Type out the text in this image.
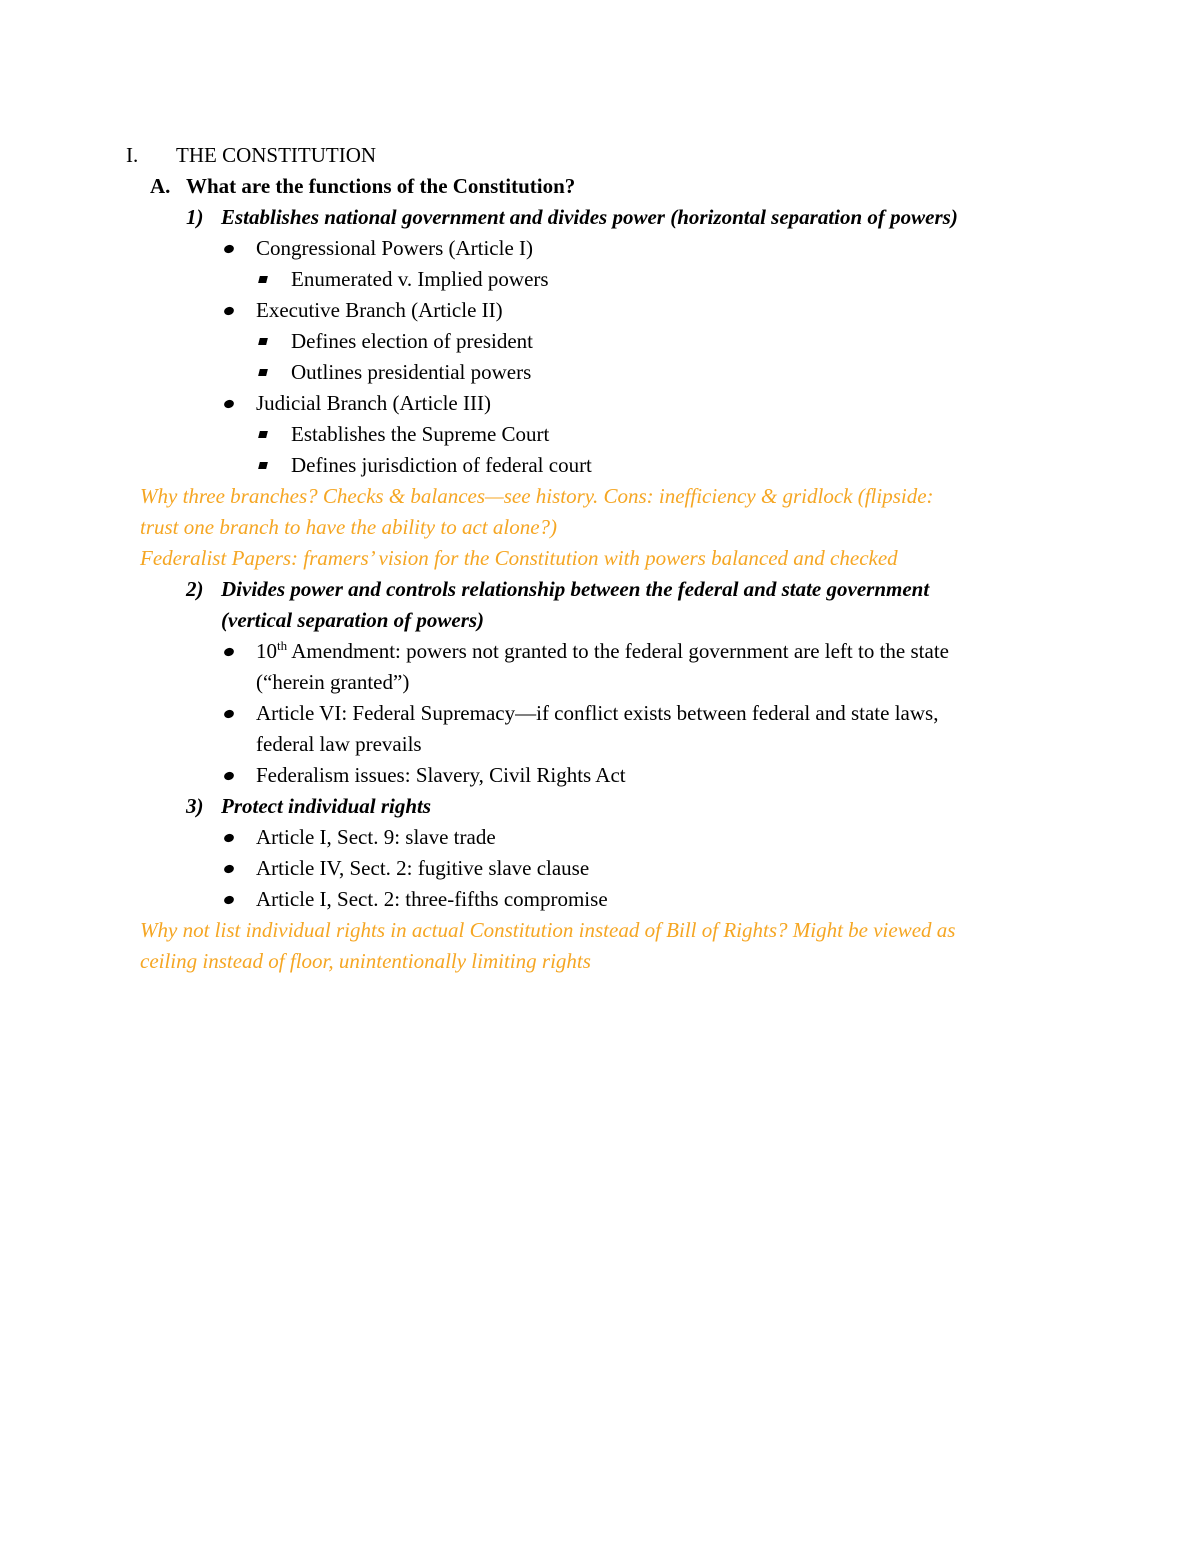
I. THE CONSTITUTION
A. What are the functions of the Constitution?
1) Establishes national government and divides power (horizontal separation of powers)
Congressional Powers (Article I)
Enumerated v. Implied powers
Executive Branch (Article II)
Defines election of president
Outlines presidential powers
Judicial Branch (Article III)
Establishes the Supreme Court
Defines jurisdiction of federal court
Why three branches? Checks & balances—see history. Cons: inefficiency & gridlock (flipside:
trust one branch to have the ability to act alone?)
Federalist Papers: framers’ vision for the Constitution with powers balanced and checked
2) Divides power and controls relationship between the federal and state government
(vertical separation of powers)
10th Amendment: powers not granted to the federal government are left to the state
(“herein granted”)
Article VI: Federal Supremacy—if conflict exists between federal and state laws,
federal law prevails
Federalism issues: Slavery, Civil Rights Act
3) Protect individual rights
Article I, Sect. 9: slave trade
Article IV, Sect. 2: fugitive slave clause
Article I, Sect. 2: three-fifths compromise
Why not list individual rights in actual Constitution instead of Bill of Rights? Might be viewed as
ceiling instead of floor, unintentionally limiting rights
